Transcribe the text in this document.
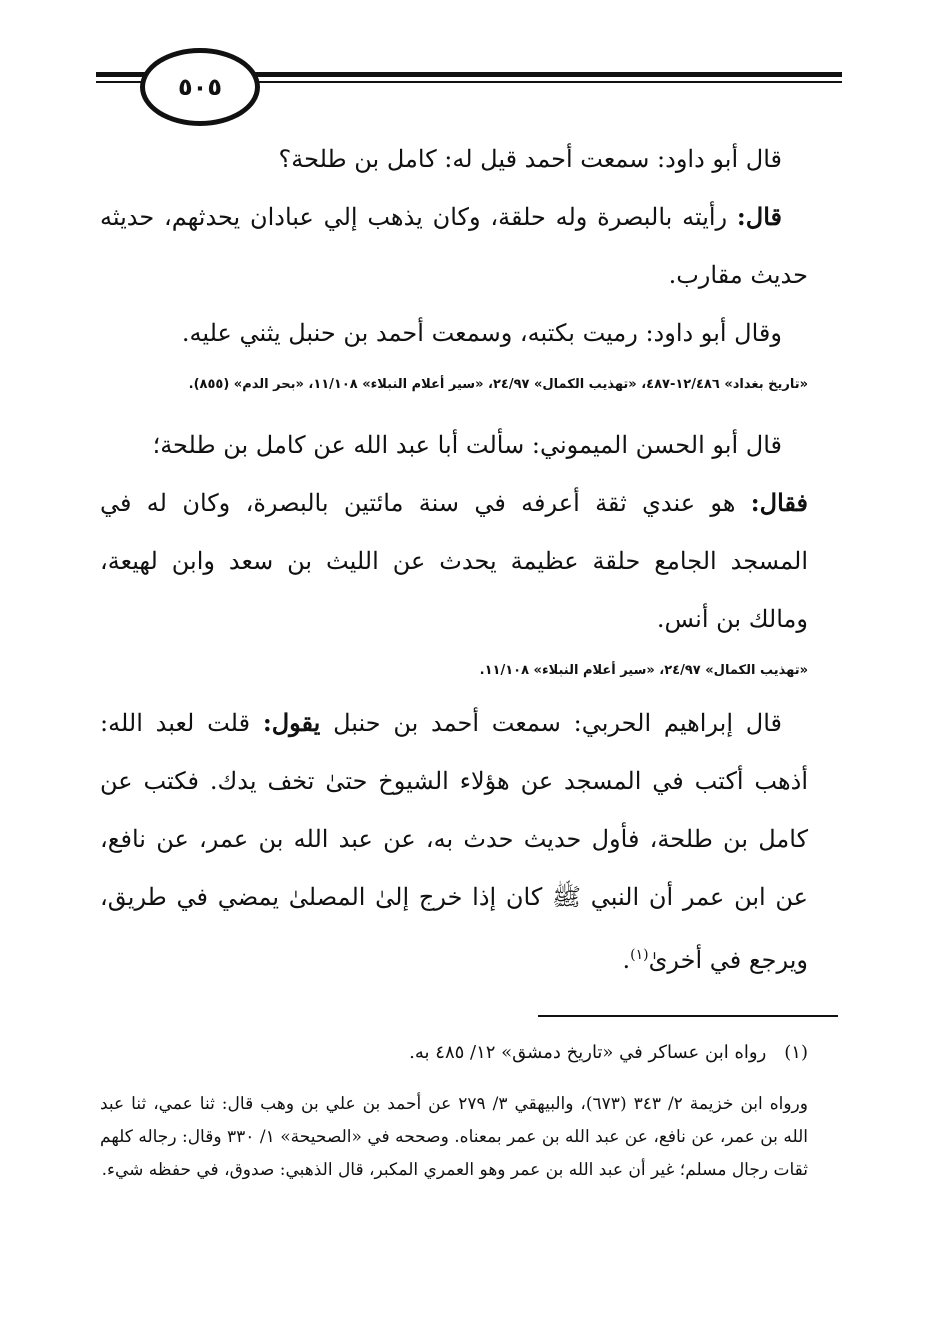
٥٠٥

قال أبو داود: سمعت أحمد قيل له: كامل بن طلحة؟

قال: رأيته بالبصرة وله حلقة، وكان يذهب إلي عبادان يحدثهم، حديثه حديث مقارب.

وقال أبو داود: رميت بكتبه، وسمعت أحمد بن حنبل يثني عليه.

«تاريخ بغداد» ١٢/٤٨٦-٤٨٧، «تهذيب الكمال» ٢٤/٩٧، «سير أعلام النبلاء» ١١/١٠٨، «بحر الدم» (٨٥٥).

قال أبو الحسن الميموني: سألت أبا عبد الله عن كامل بن طلحة؛

فقال: هو عندي ثقة أعرفه في سنة مائتين بالبصرة، وكان له في المسجد الجامع حلقة عظيمة يحدث عن الليث بن سعد وابن لهيعة، ومالك بن أنس.

«تهذيب الكمال» ٢٤/٩٧، «سير أعلام النبلاء» ١١/١٠٨.

قال إبراهيم الحربي: سمعت أحمد بن حنبل يقول: قلت لعبد الله: أذهب أكتب في المسجد عن هؤلاء الشيوخ حتىٰ تخف يدك. فكتب عن كامل بن طلحة، فأول حديث حدث به، عن عبد الله بن عمر، عن نافع، عن ابن عمر أن النبي ﷺ كان إذا خرج إلىٰ المصلىٰ يمضي في طريق، ويرجع في أخرىٰ$^{(١)}$.

(١)رواه ابن عساكر في «تاريخ دمشق» ١٢/ ٤٨٥ به.

ورواه ابن خزيمة ٢/ ٣٤٣ (٦٧٣)، والبيهقي ٣/ ٢٧٩ عن أحمد بن علي بن وهب قال: ثنا عمي، ثنا عبد الله بن عمر، عن نافع، عن عبد الله بن عمر بمعناه. وصححه في «الصحيحة» ١/ ٣٣٠ وقال: رجاله كلهم ثقات رجال مسلم؛ غير أن عبد الله بن عمر وهو العمري المكبر، قال الذهبي: صدوق، في حفظه شيء.
